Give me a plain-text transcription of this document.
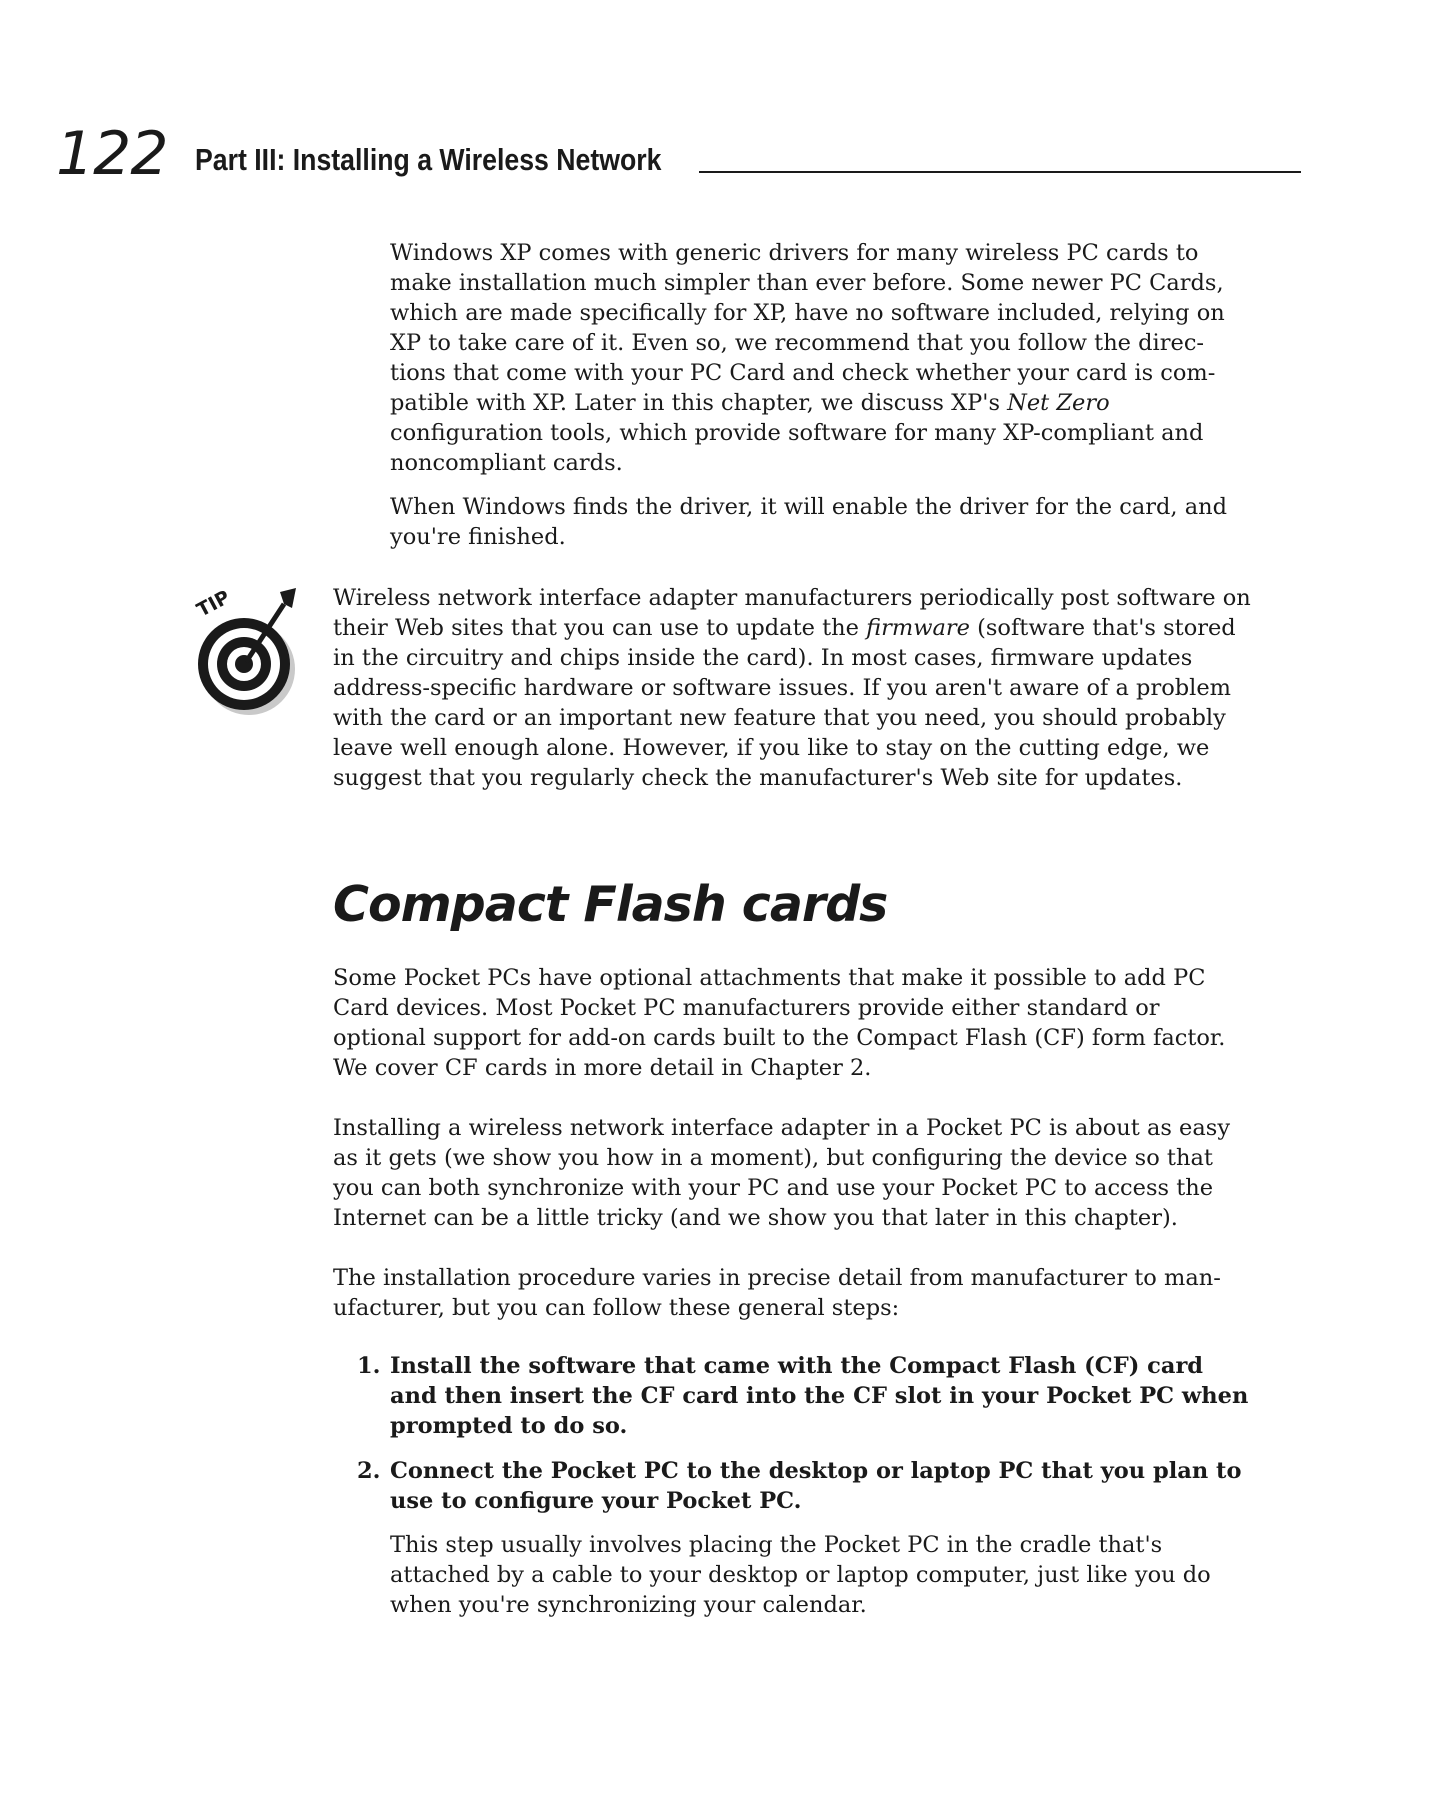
122 Part III: Installing a Wireless Network

Windows XP comes with generic drivers for many wireless PC cards to make installation much simpler than ever before. Some newer PC Cards, which are made specifically for XP, have no software included, relying on XP to take care of it. Even so, we recommend that you follow the direc-tions that come with your PC Card and check whether your card is com-patible with XP. Later in this chapter, we discuss XP's Net Zero configuration tools, which provide software for many XP-compliant and noncompliant cards.

When Windows finds the driver, it will enable the driver for the card, and you're finished.

TIP	Wireless network interface adapter manufacturers periodically post software on their Web sites that you can use to update the firmware (software that's stored in the circuitry and chips inside the card). In most cases, firmware updates address-specific hardware or software issues. If you aren't aware of a problem with the card or an important new feature that you need, you should probably leave well enough alone. However, if you like to stay on the cutting edge, we suggest that you regularly check the manufacturer's Web site for updates.

Compact Flash cards

Some Pocket PCs have optional attachments that make it possible to add PC Card devices. Most Pocket PC manufacturers provide either standard or optional support for add-on cards built to the Compact Flash (CF) form factor. We cover CF cards in more detail in Chapter 2.

Installing a wireless network interface adapter in a Pocket PC is about as easy as it gets (we show you how in a moment), but configuring the device so that you can both synchronize with your PC and use your Pocket PC to access the Internet can be a little tricky (and we show you that later in this chapter).

The installation procedure varies in precise detail from manufacturer to man-ufacturer, but you can follow these general steps:

1. Install the software that came with the Compact Flash (CF) card and then insert the CF card into the CF slot in your Pocket PC when prompted to do so.

2. Connect the Pocket PC to the desktop or laptop PC that you plan to use to configure your Pocket PC.

This step usually involves placing the Pocket PC in the cradle that's attached by a cable to your desktop or laptop computer, just like you do when you're synchronizing your calendar.
